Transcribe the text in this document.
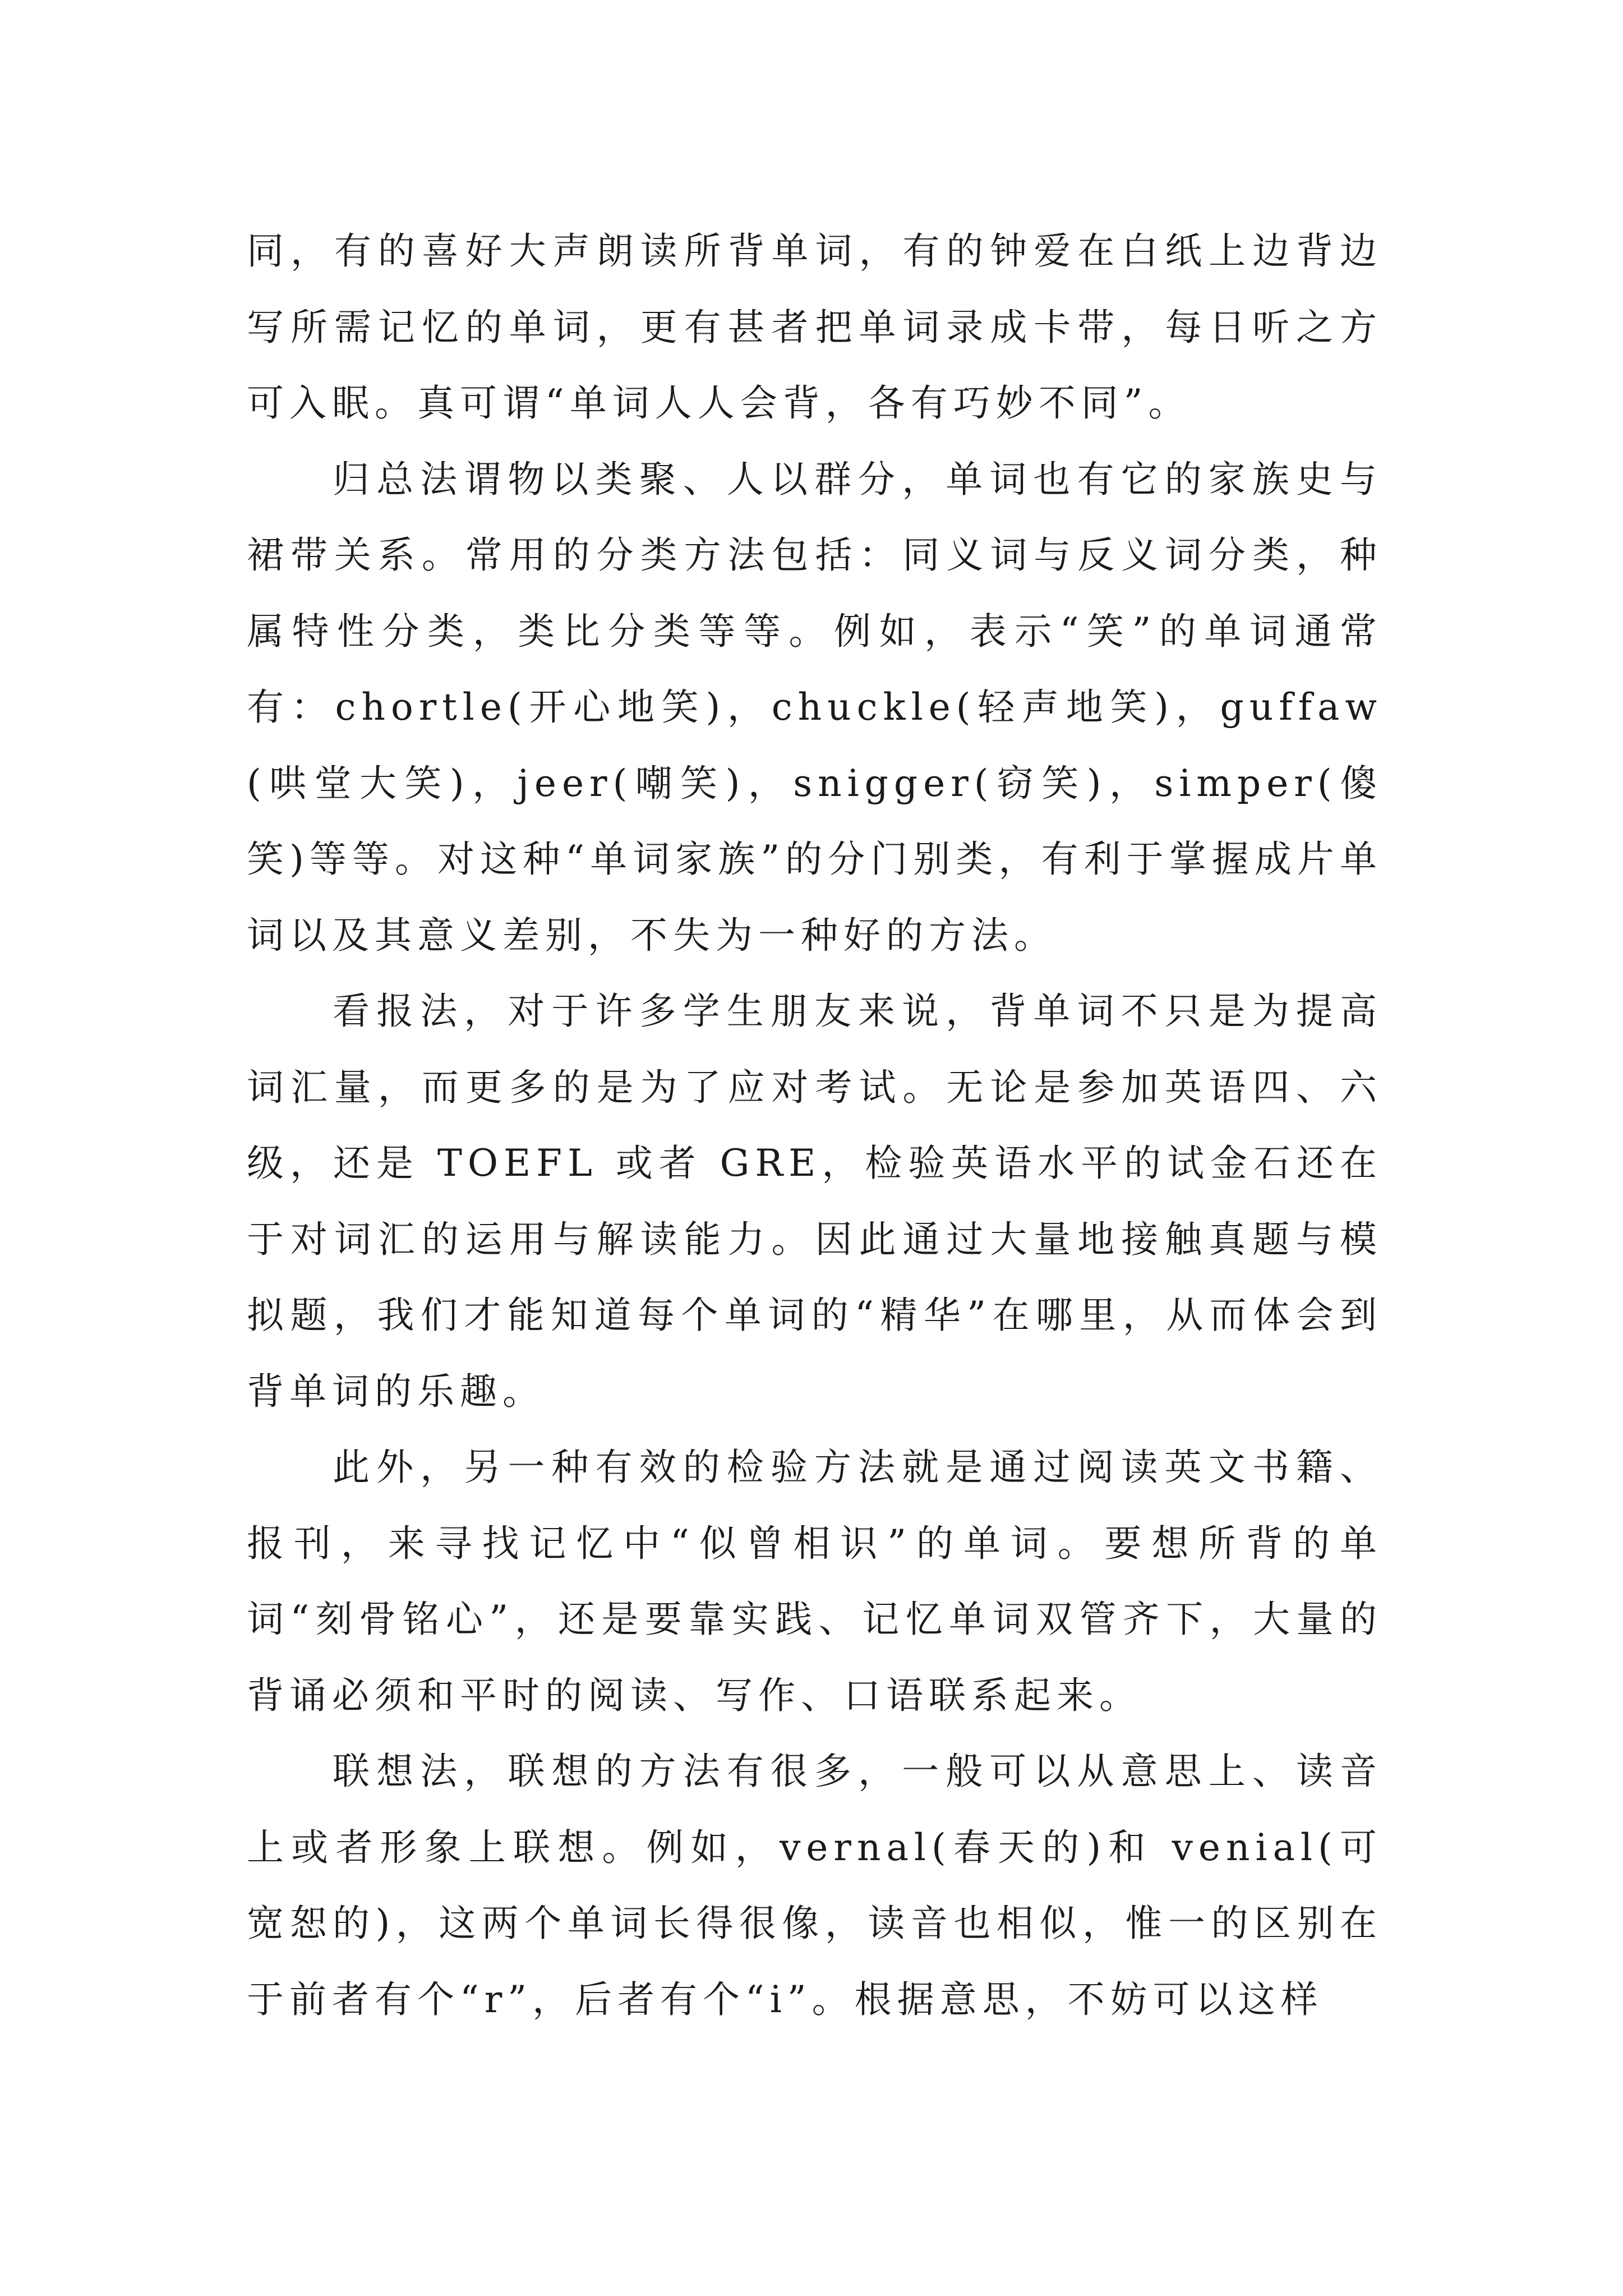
同，有的喜好大声朗读所背单词，有的钟爱在白纸上边背边写所需记忆的单词，更有甚者把单词录成卡带，每日听之方可入眠。真可谓“单词人人会背，各有巧妙不同”。

归总法谓物以类聚、人以群分，单词也有它的家族史与裙带关系。常用的分类方法包括：同义词与反义词分类，种属特性分类，类比分类等等。例如，表示“笑”的单词通常有：chortle(开心地笑)，chuckle(轻声地笑)，guffaw(哄堂大笑)，jeer(嘲笑)，snigger(窃笑)，simper(傻笑)等等。对这种“单词家族”的分门别类，有利于掌握成片单词以及其意义差别，不失为一种好的方法。

看报法，对于许多学生朋友来说，背单词不只是为提高词汇量，而更多的是为了应对考试。无论是参加英语四、六级，还是 TOEFL 或者 GRE，检验英语水平的试金石还在于对词汇的运用与解读能力。因此通过大量地接触真题与模拟题，我们才能知道每个单词的“精华”在哪里，从而体会到背单词的乐趣。

此外，另一种有效的检验方法就是通过阅读英文书籍、报刊，来寻找记忆中“似曾相识”的单词。要想所背的单词“刻骨铭心”，还是要靠实践、记忆单词双管齐下，大量的背诵必须和平时的阅读、写作、口语联系起来。

联想法，联想的方法有很多，一般可以从意思上、读音上或者形象上联想。例如，vernal(春天的)和 venial(可宽恕的)，这两个单词长得很像，读音也相似，惟一的区别在于前者有个“r”，后者有个“i”。根据意思，不妨可以这样
